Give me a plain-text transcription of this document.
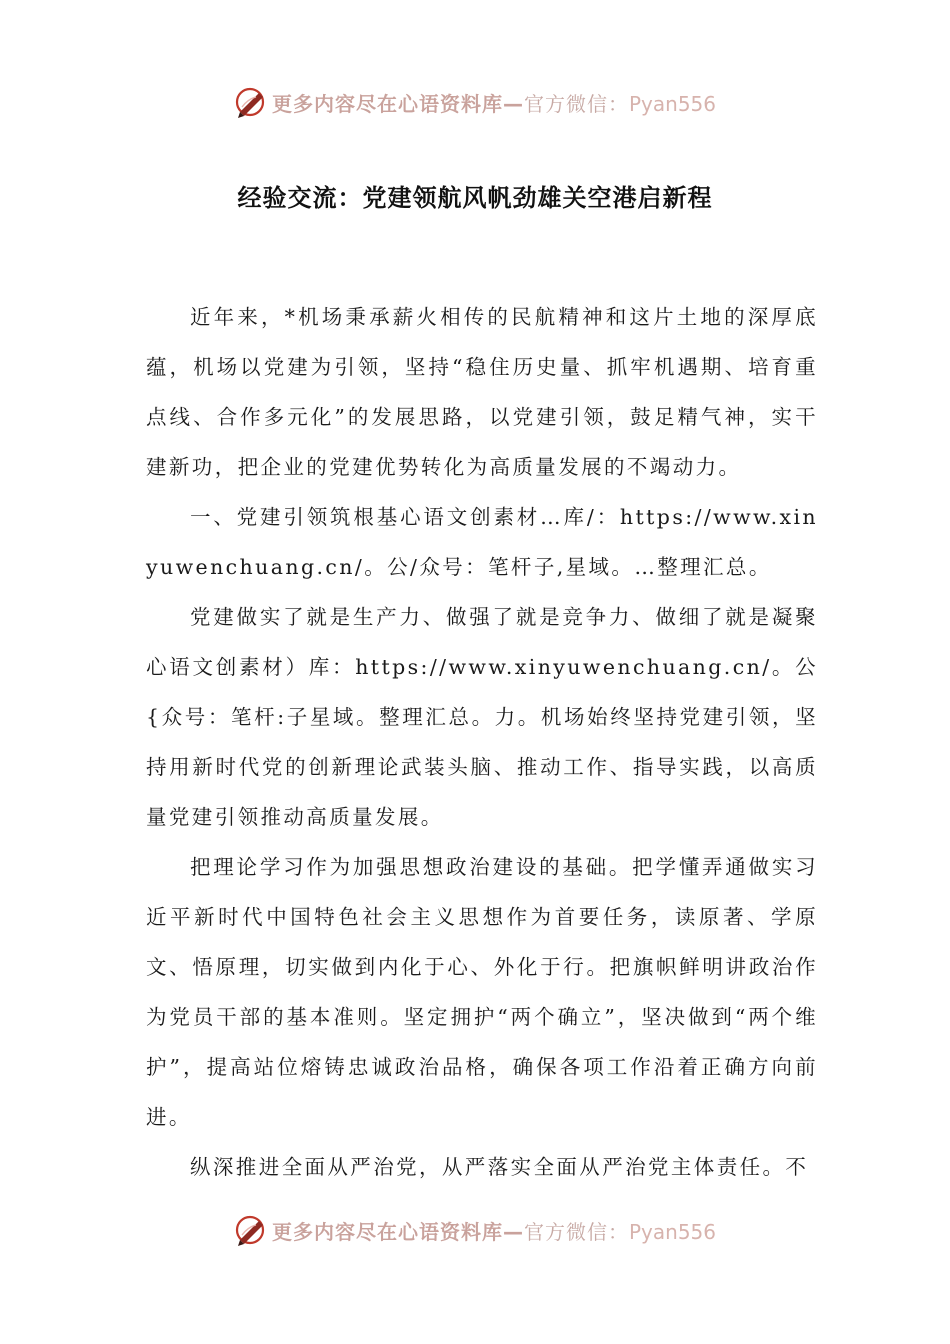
更多内容尽在心语资料库—官方微信：Pyan556
经验交流：党建领航风帆劲雄关空港启新程

近年来，*机场秉承薪火相传的民航精神和这片土地的深厚底蕴，机场以党建为引领，坚持“稳住历史量、抓牢机遇期、培育重点线、合作多元化”的发展思路，以党建引领，鼓足精气神，实干建新功，把企业的党建优势转化为高质量发展的不竭动力。

一、党建引领筑根基心语文创素材…库/：https://www.xinyuwenchuang.cn/。公/众号：笔杆子,星域。…整理汇总。

党建做实了就是生产力、做强了就是竞争力、做细了就是凝聚心语文创素材）库：https://www.xinyuwenchuang.cn/。公{众号：笔杆:子星域。整理汇总。力。机场始终坚持党建引领，坚持用新时代党的创新理论武装头脑、推动工作、指导实践，以高质量党建引领推动高质量发展。

把理论学习作为加强思想政治建设的基础。把学懂弄通做实习近平新时代中国特色社会主义思想作为首要任务，读原著、学原文、悟原理，切实做到内化于心、外化于行。把旗帜鲜明讲政治作为党员干部的基本准则。坚定拥护“两个确立”，坚决做到“两个维护”，提高站位熔铸忠诚政治品格，确保各项工作沿着正确方向前进。

纵深推进全面从严治党，从严落实全面从严治党主体责任。不

更多内容尽在心语资料库—官方微信：Pyan556
